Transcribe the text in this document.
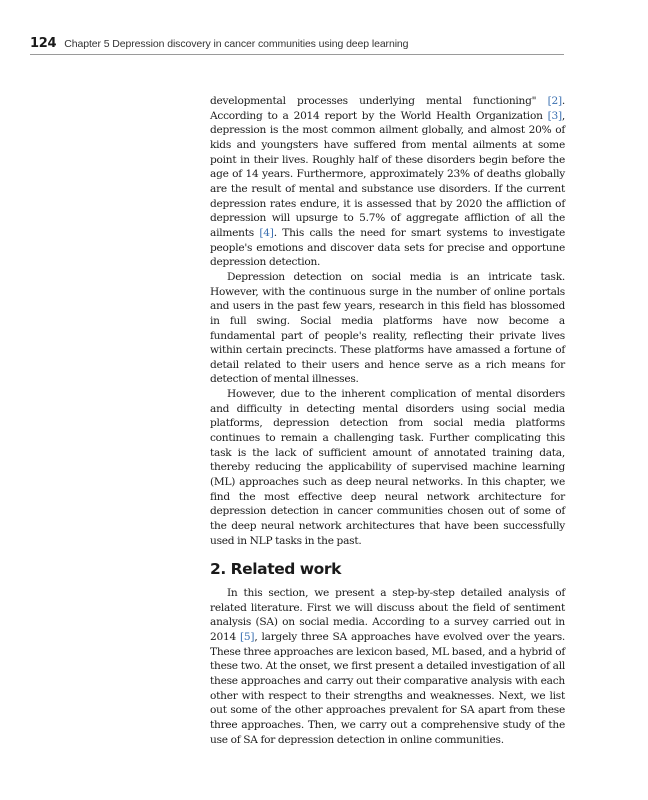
124 Chapter 5 Depression discovery in cancer communities using deep learning

developmental processes underlying mental functioning" [2]. According to a 2014 report by the World Health Organization [3], depression is the most common ailment globally, and almost 20% of kids and youngsters have suffered from mental ailments at some point in their lives. Roughly half of these disorders begin before the age of 14 years. Furthermore, approximately 23% of deaths globally are the result of mental and substance use disorders. If the current depression rates endure, it is assessed that by 2020 the affliction of depression will upsurge to 5.7% of aggregate affliction of all the ailments [4]. This calls the need for smart systems to investigate people's emotions and discover data sets for precise and opportune depression detection.

Depression detection on social media is an intricate task. However, with the continuous surge in the number of online portals and users in the past few years, research in this field has blossomed in full swing. Social media platforms have now become a fundamental part of people's reality, reflecting their private lives within certain precincts. These platforms have amassed a fortune of detail related to their users and hence serve as a rich means for detection of mental illnesses.

However, due to the inherent complication of mental disorders and difficulty in detecting mental disorders using social media platforms, depression detection from social media platforms continues to remain a challenging task. Further complicating this task is the lack of sufficient amount of annotated training data, thereby reducing the applicability of supervised machine learning (ML) approaches such as deep neural networks. In this chapter, we find the most effective deep neural network architecture for depression detection in cancer communities chosen out of some of the deep neural network architectures that have been successfully used in NLP tasks in the past.

2. Related work

In this section, we present a step-by-step detailed analysis of related literature. First we will discuss about the field of sentiment analysis (SA) on social media. According to a survey carried out in 2014 [5], largely three SA approaches have evolved over the years. These three approaches are lexicon based, ML based, and a hybrid of these two. At the onset, we first present a detailed investigation of all these approaches and carry out their comparative analysis with each other with respect to their strengths and weaknesses. Next, we list out some of the other approaches prevalent for SA apart from these three approaches. Then, we carry out a comprehensive study of the use of SA for depression detection in online communities.
